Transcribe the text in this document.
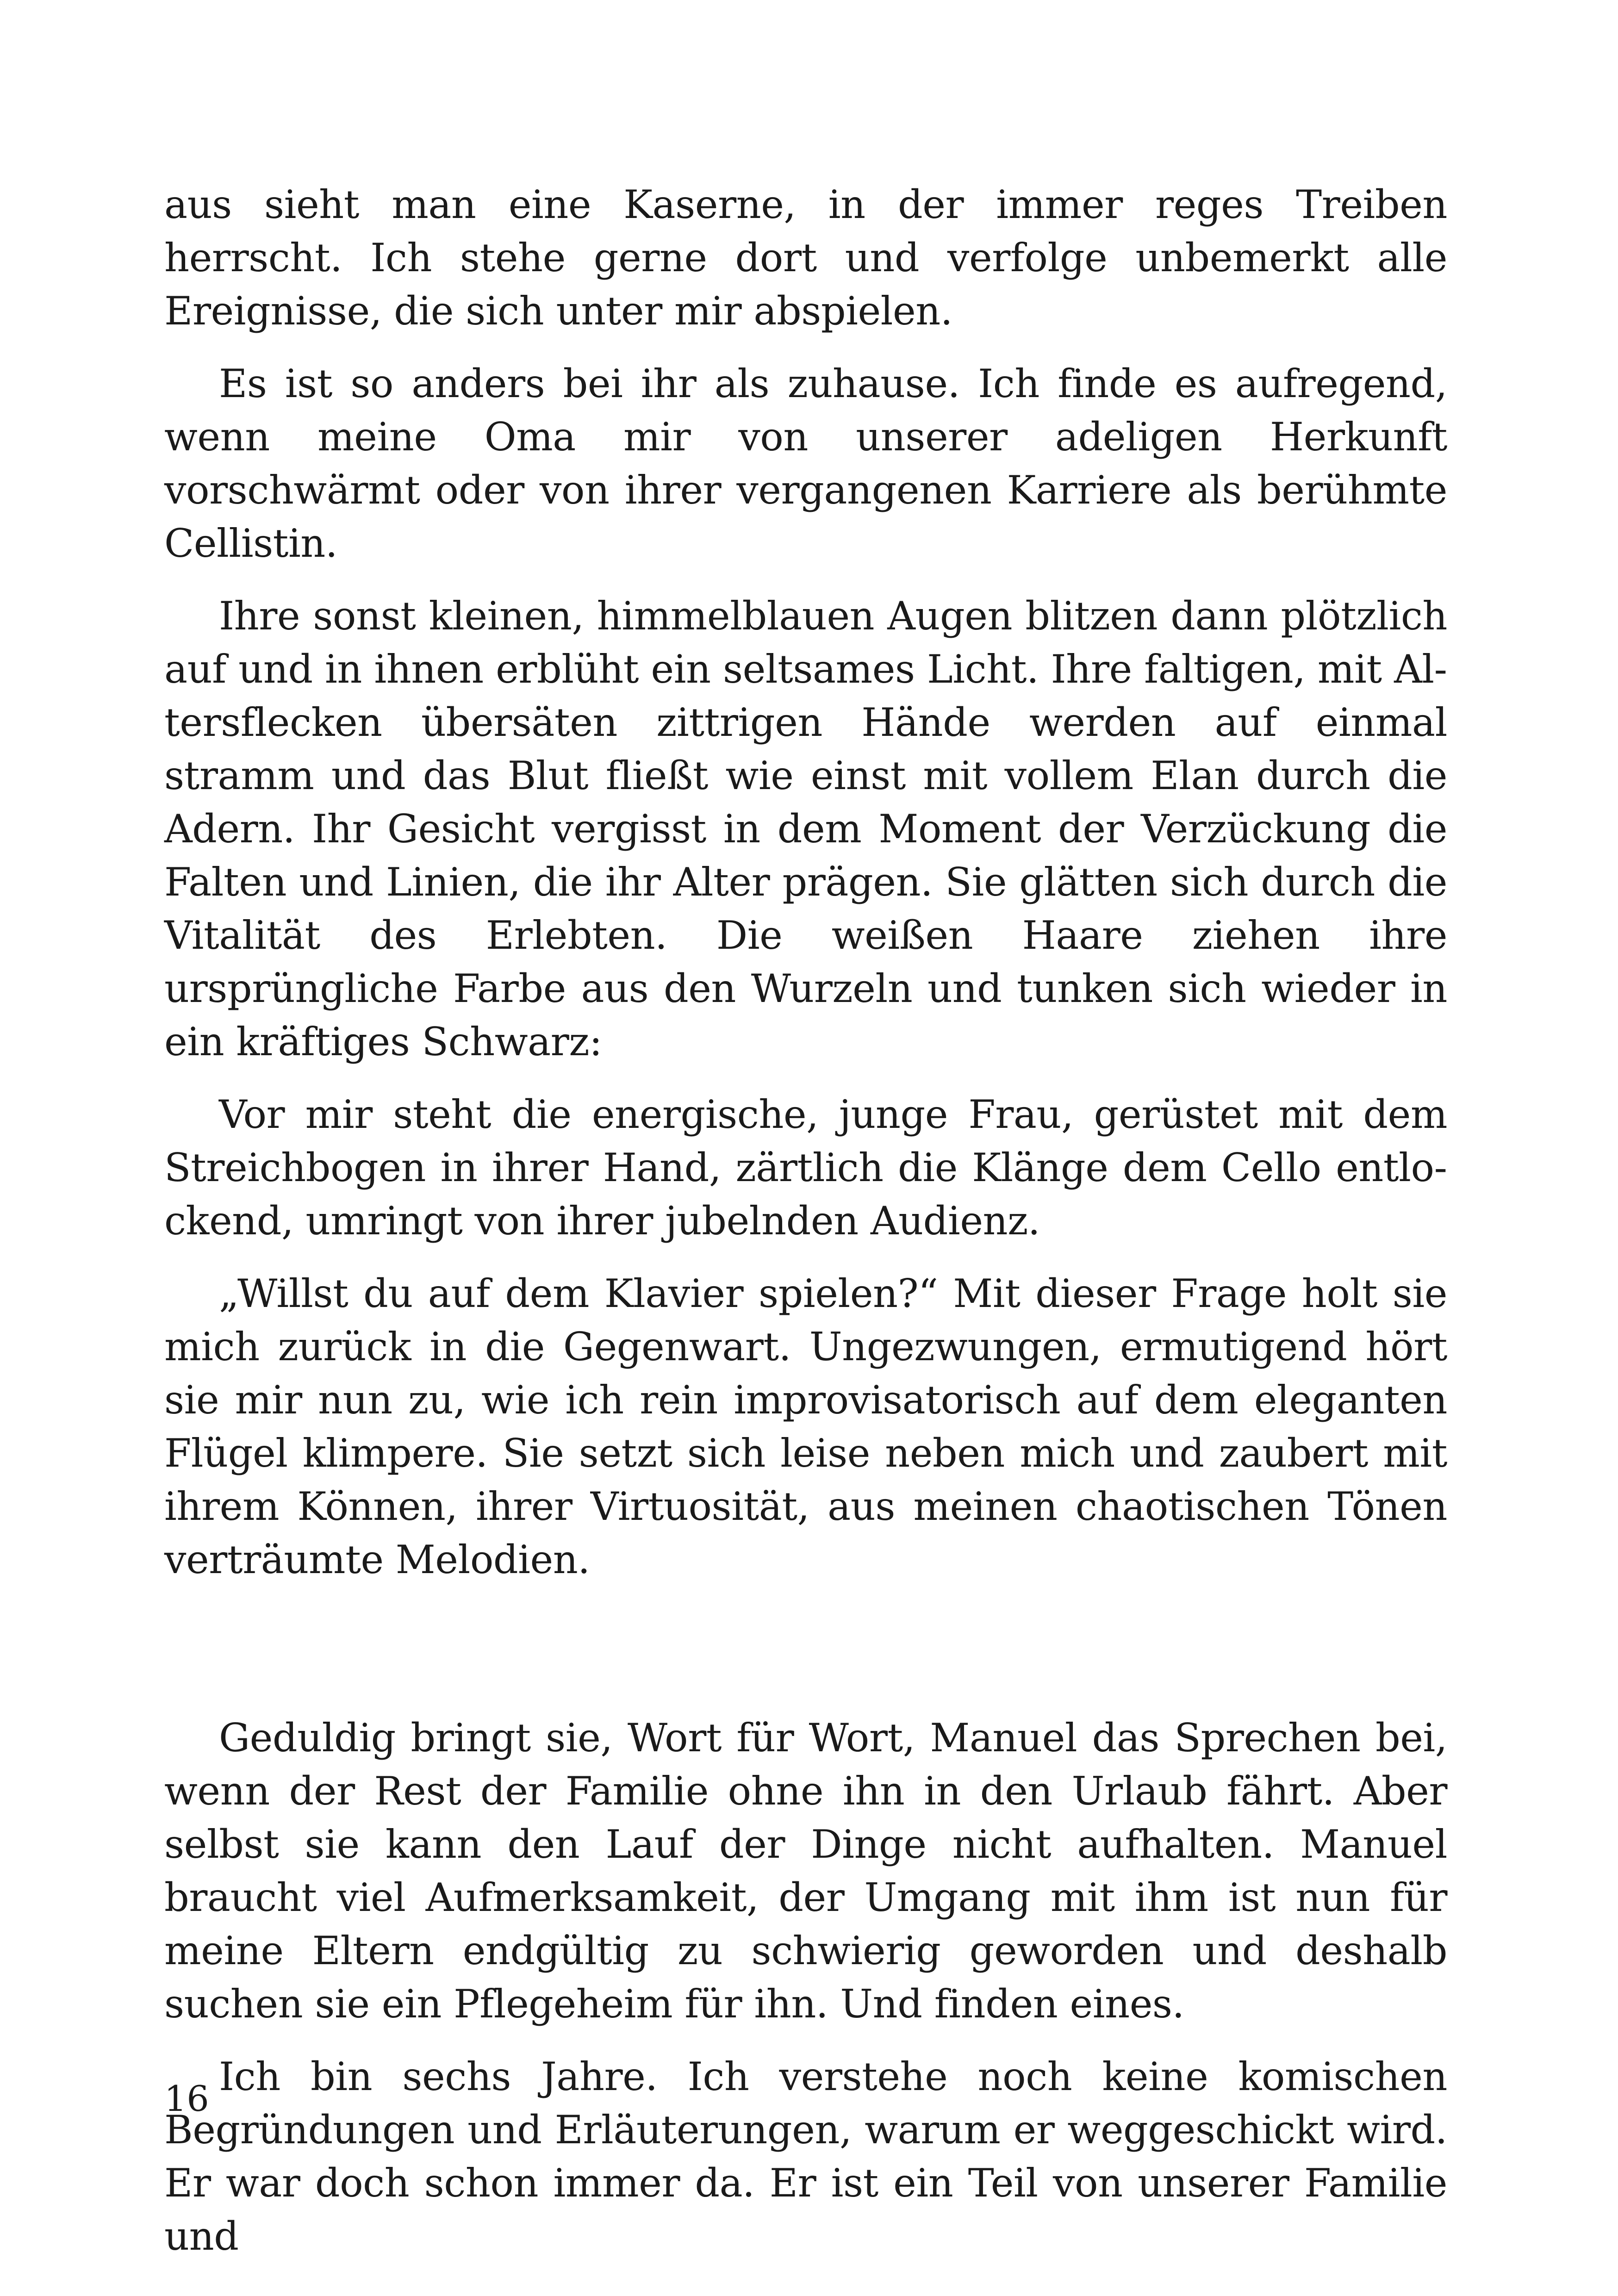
aus sieht man eine Kaserne, in der immer reges Treiben herrscht. Ich stehe gerne dort und verfolge unbemerkt alle Ereignisse, die sich unter mir abspielen.

Es ist so anders bei ihr als zuhause. Ich finde es aufregend, wenn meine Oma mir von unserer adeligen Herkunft vorschwärmt oder von ihrer vergangenen Karriere als berühmte Cellistin.

Ihre sonst kleinen, himmelblauen Augen blitzen dann plötzlich auf und in ihnen erblüht ein seltsames Licht. Ihre faltigen, mit Altersflecken übersäten zittrigen Hände werden auf einmal stramm und das Blut fließt wie einst mit vollem Elan durch die Adern. Ihr Gesicht vergisst in dem Moment der Verzückung die Falten und Linien, die ihr Alter prägen. Sie glätten sich durch die Vitalität des Erlebten. Die weißen Haare ziehen ihre ursprüngliche Farbe aus den Wurzeln und tunken sich wieder in ein kräftiges Schwarz:

Vor mir steht die energische, junge Frau, gerüstet mit dem Streichbogen in ihrer Hand, zärtlich die Klänge dem Cello entlockend, umringt von ihrer jubelnden Audienz.

„Willst du auf dem Klavier spielen?“ Mit dieser Frage holt sie mich zurück in die Gegenwart. Ungezwungen, ermutigend hört sie mir nun zu, wie ich rein improvisatorisch auf dem eleganten Flügel klimpere. Sie setzt sich leise neben mich und zaubert mit ihrem Können, ihrer Virtuosität, aus meinen chaotischen Tönen verträumte Melodien.

Geduldig bringt sie, Wort für Wort, Manuel das Sprechen bei, wenn der Rest der Familie ohne ihn in den Urlaub fährt. Aber selbst sie kann den Lauf der Dinge nicht aufhalten. Manuel braucht viel Aufmerksamkeit, der Umgang mit ihm ist nun für meine Eltern endgültig zu schwierig geworden und deshalb suchen sie ein Pflegeheim für ihn. Und finden eines.

Ich bin sechs Jahre. Ich verstehe noch keine komischen Begründungen und Erläuterungen, warum er weggeschickt wird. Er war doch schon immer da. Er ist ein Teil von unserer Familie und

16
